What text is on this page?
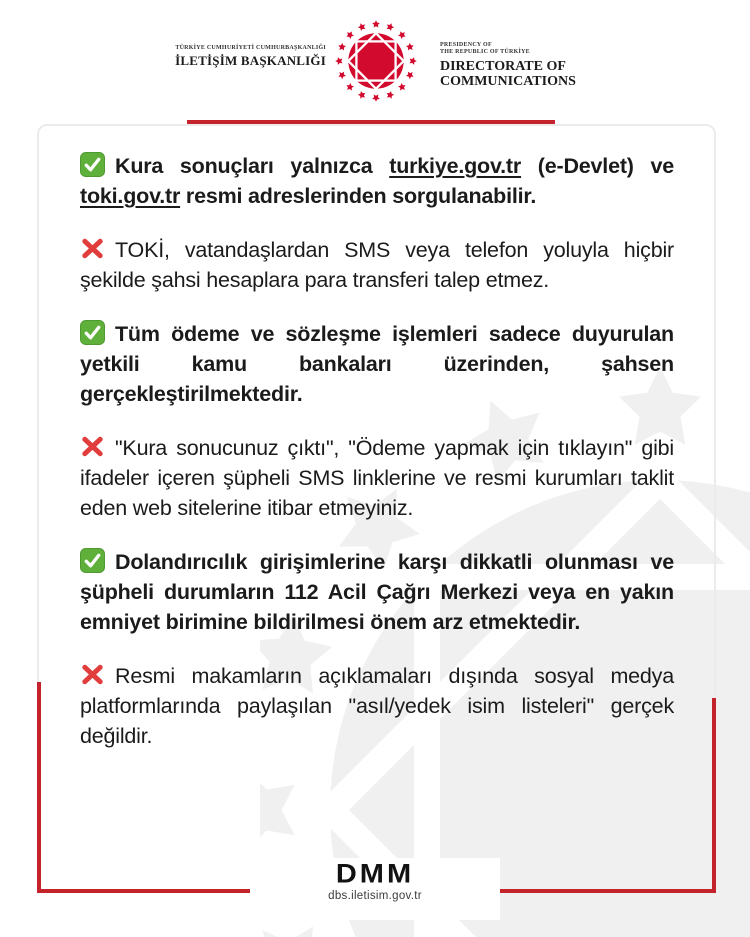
TÜRKİYE CUMHURİYETİ CUMHURBAŞKANLIĞI
İLETİŞİM BAŞKANLIĞI
PRESIDENCY OF
THE REPUBLIC OF TÜRKİYE
DIRECTORATE OF
COMMUNICATIONS

Kura sonuçları yalnızca turkiye.gov.tr (e-Devlet) ve toki.gov.tr resmi adreslerinden sorgulanabilir.

TOKİ, vatandaşlardan SMS veya telefon yoluyla hiçbir şekilde şahsi hesaplara para transferi talep etmez.

Tüm ödeme ve sözleşme işlemleri sadece duyurulan yetkili kamu bankaları üzerinden, şahsen gerçekleştirilmektedir.

"Kura sonucunuz çıktı", "Ödeme yapmak için tıklayın" gibi ifadeler içeren şüpheli SMS linklerine ve resmi kurumları taklit eden web sitelerine itibar etmeyiniz.

Dolandırıcılık girişimlerine karşı dikkatli olunması ve şüpheli durumların 112 Acil Çağrı Merkezi veya en yakın emniyet birimine bildirilmesi önem arz etmektedir.

Resmi makamların açıklamaları dışında sosyal medya platformlarında paylaşılan "asıl/yedek isim listeleri" gerçek değildir.

DMM
dbs.iletisim.gov.tr
